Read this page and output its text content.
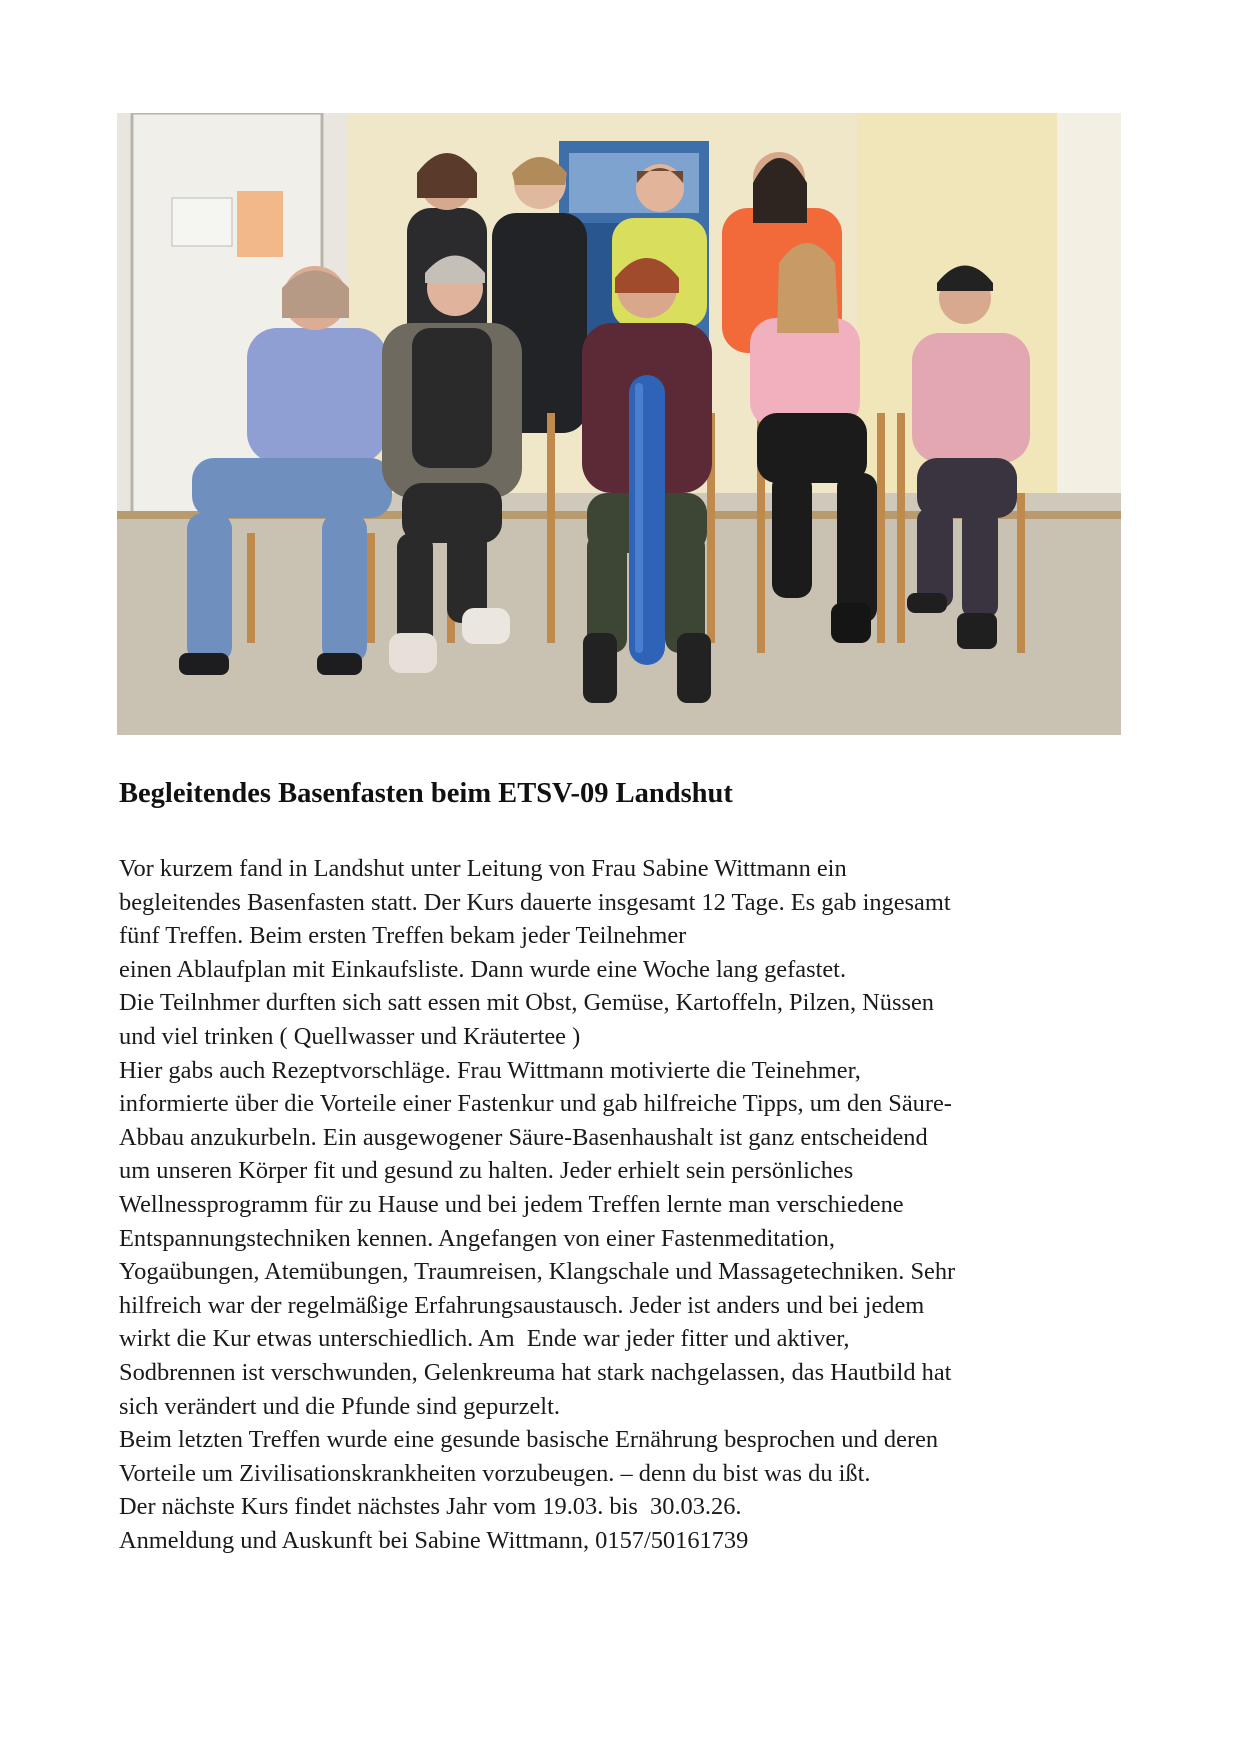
Begleitendes Basenfasten beim ETSV-09 Landshut
Vor kurzem fand in Landshut unter Leitung von Frau Sabine Wittmann ein
begleitendes Basenfasten statt. Der Kurs dauerte insgesamt 12 Tage. Es gab ingesamt
fünf Treffen. Beim ersten Treffen bekam jeder Teilnehmer
einen Ablaufplan mit Einkaufsliste. Dann wurde eine Woche lang gefastet.
Die Teilnhmer durften sich satt essen mit Obst, Gemüse, Kartoffeln, Pilzen, Nüssen
und viel trinken ( Quellwasser und Kräutertee )
Hier gabs auch Rezeptvorschläge. Frau Wittmann motivierte die Teinehmer,
informierte über die Vorteile einer Fastenkur und gab hilfreiche Tipps, um den Säure-
Abbau anzukurbeln. Ein ausgewogener Säure-Basenhaushalt ist ganz entscheidend
um unseren Körper fit und gesund zu halten. Jeder erhielt sein persönliches
Wellnessprogramm für zu Hause und bei jedem Treffen lernte man verschiedene
Entspannungstechniken kennen. Angefangen von einer Fastenmeditation,
Yogaübungen, Atemübungen, Traumreisen, Klangschale und Massagetechniken. Sehr
hilfreich war der regelmäßige Erfahrungsaustausch. Jeder ist anders und bei jedem
wirkt die Kur etwas unterschiedlich. Am  Ende war jeder fitter und aktiver,
Sodbrennen ist verschwunden, Gelenkreuma hat stark nachgelassen, das Hautbild hat
sich verändert und die Pfunde sind gepurzelt.
Beim letzten Treffen wurde eine gesunde basische Ernährung besprochen und deren
Vorteile um Zivilisationskrankheiten vorzubeugen. – denn du bist was du ißt.
Der nächste Kurs findet nächstes Jahr vom 19.03. bis  30.03.26.
Anmeldung und Auskunft bei Sabine Wittmann, 0157/50161739
